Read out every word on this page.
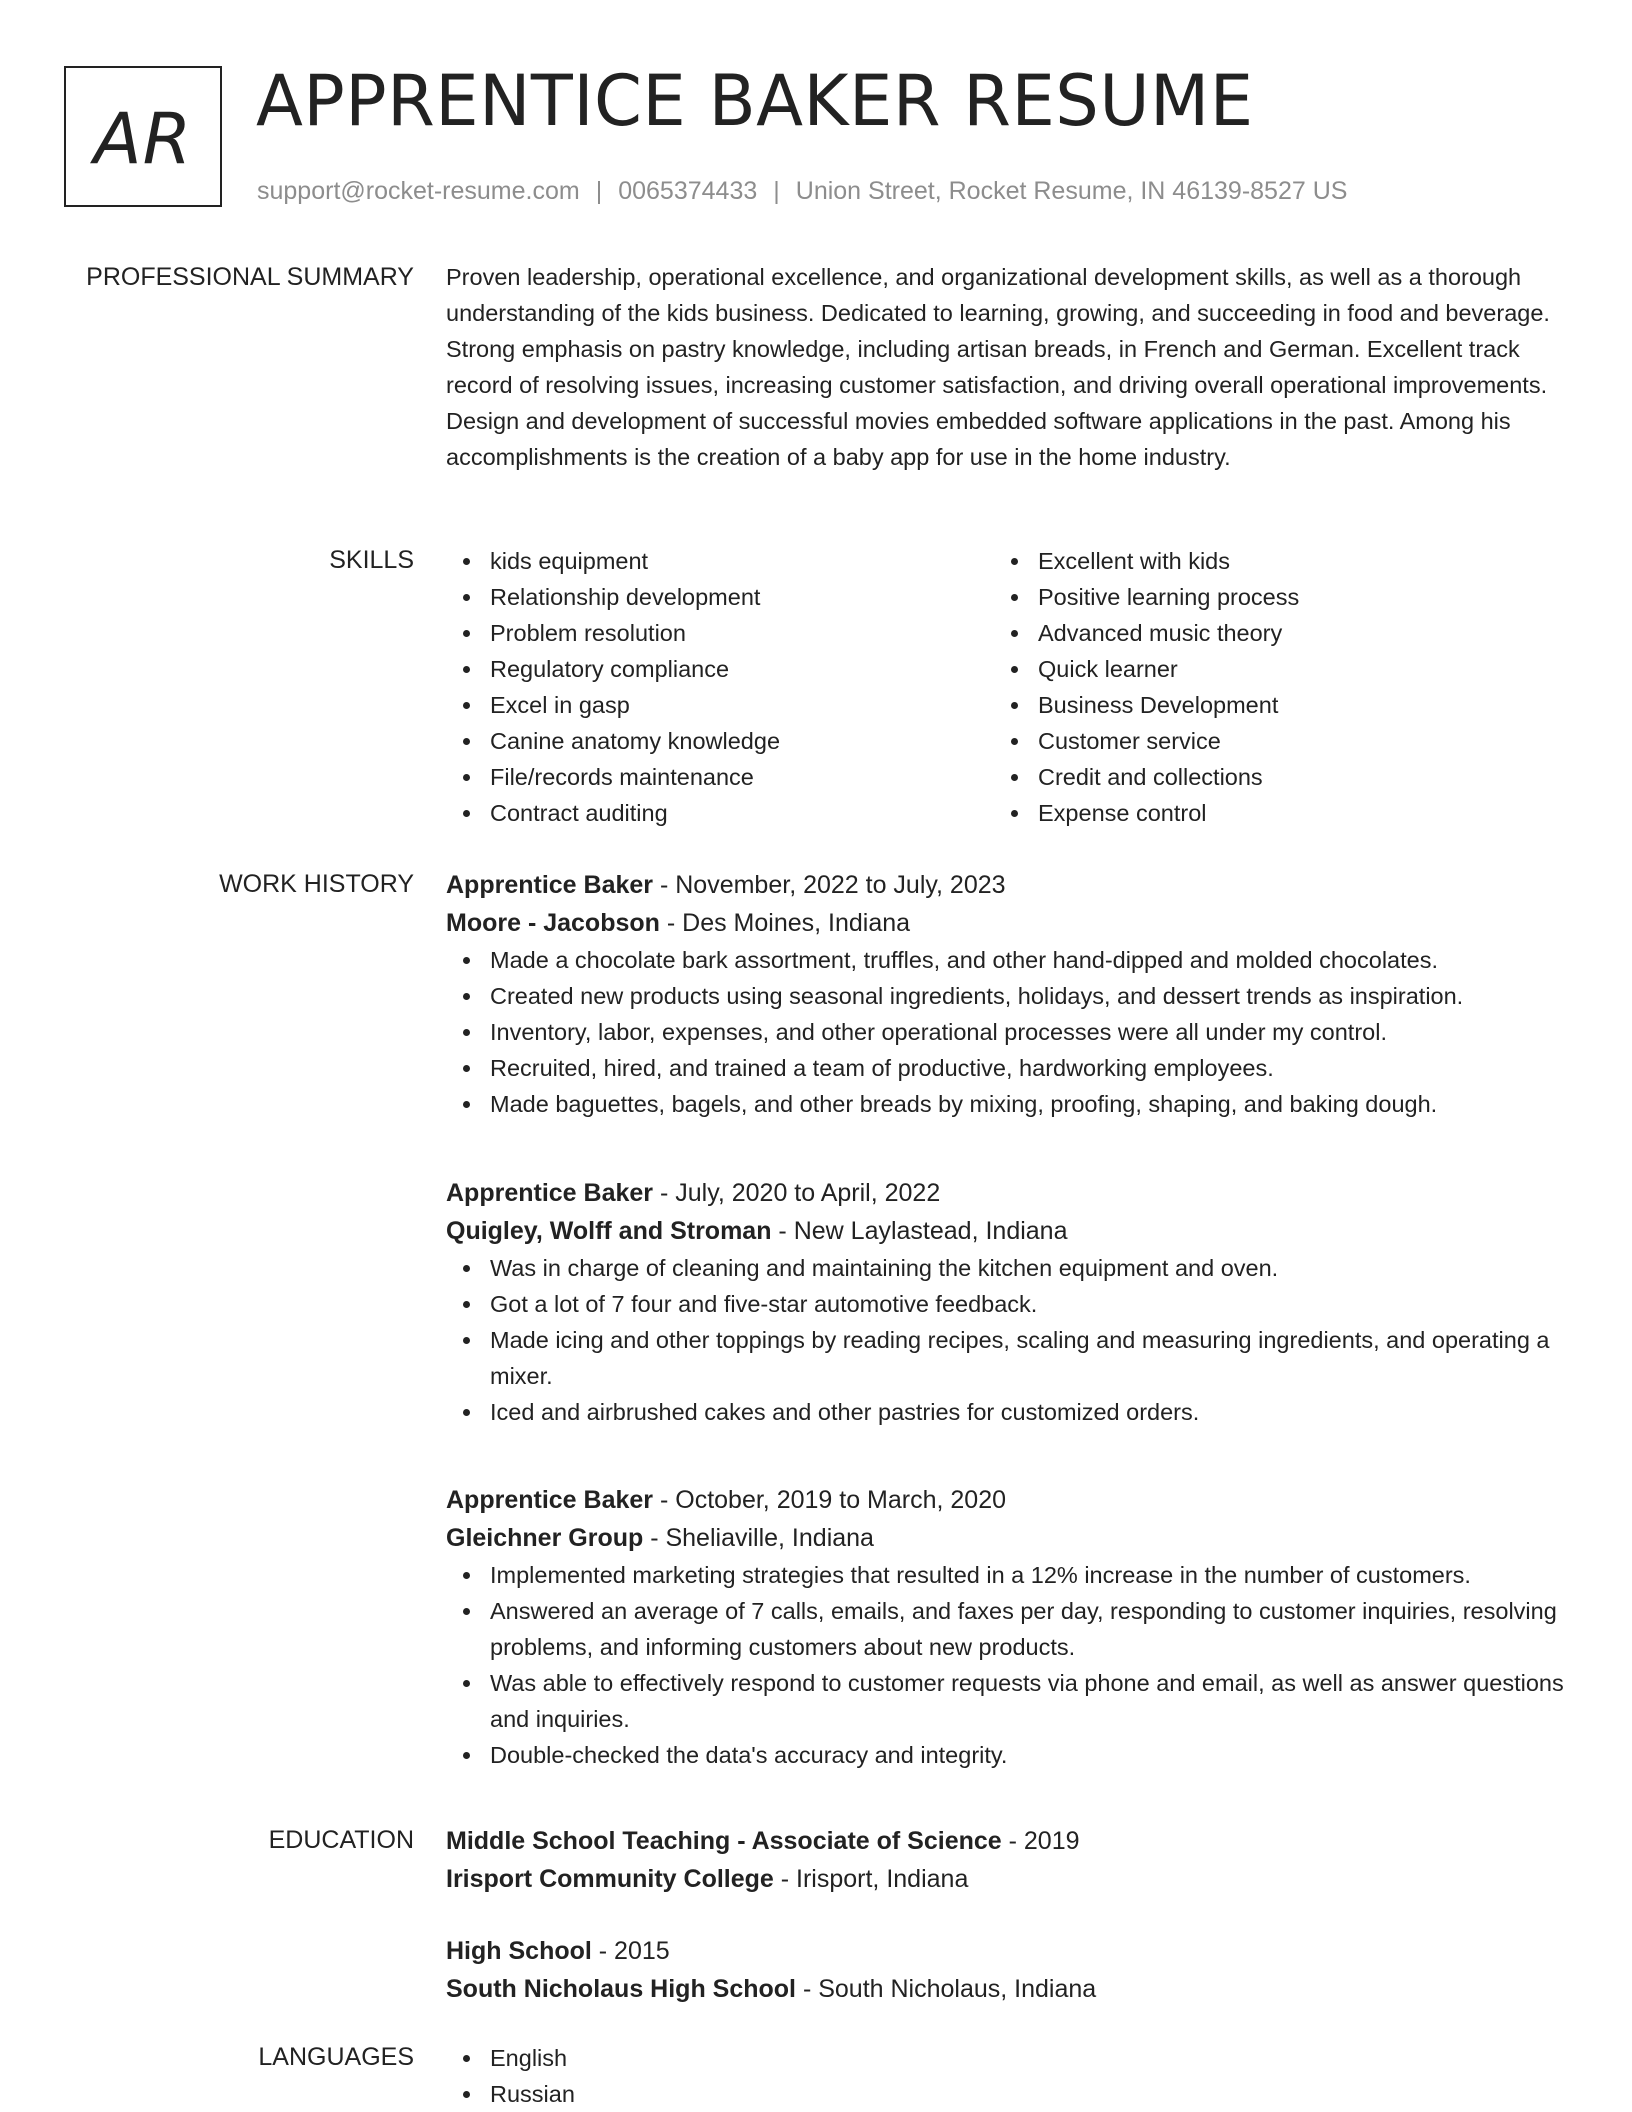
AR APPRENTICE BAKER RESUME
support@rocket-resume.com | 0065374433 | Union Street, Rocket Resume, IN 46139-8527 US
PROFESSIONAL SUMMARY Proven leadership, operational excellence, and organizational development skills, as well as a thorough understanding of the kids business. Dedicated to learning, growing, and succeeding in food and beverage. Strong emphasis on pastry knowledge, including artisan breads, in French and German. Excellent track record of resolving issues, increasing customer satisfaction, and driving overall operational improvements. Design and development of successful movies embedded software applications in the past. Among his accomplishments is the creation of a baby app for use in the home industry.

SKILLS	kids equipment
Relationship development
Problem resolution
Regulatory compliance
Excel in gasp
Canine anatomy knowledge
File/records maintenance
Contract auditing
Excellent with kids
Positive learning process
Advanced music theory
Quick learner
Business Development
Customer service
Credit and collections
Expense control
WORK HISTORY Apprentice Baker - November, 2022 to July, 2023
Moore - Jacobson - Des Moines, Indiana
Made a chocolate bark assortment, truffles, and other hand-dipped and molded chocolates.
Created new products using seasonal ingredients, holidays, and dessert trends as inspiration.
Inventory, labor, expenses, and other operational processes were all under my control.
Recruited, hired, and trained a team of productive, hardworking employees.
Made baguettes, bagels, and other breads by mixing, proofing, shaping, and baking dough.
Apprentice Baker - July, 2020 to April, 2022
Quigley, Wolff and Stroman - New Laylastead, Indiana
Was in charge of cleaning and maintaining the kitchen equipment and oven.
Got a lot of 7 four and five-star automotive feedback.
Made icing and other toppings by reading recipes, scaling and measuring ingredients, and operating a mixer.
Iced and airbrushed cakes and other pastries for customized orders.
Apprentice Baker - October, 2019 to March, 2020
Gleichner Group - Sheliaville, Indiana
Implemented marketing strategies that resulted in a 12% increase in the number of customers.
Answered an average of 7 calls, emails, and faxes per day, responding to customer inquiries, resolving problems, and informing customers about new products.
Was able to effectively respond to customer requests via phone and email, as well as answer questions and inquiries.
Double-checked the data's accuracy and integrity.
EDUCATION Middle School Teaching - Associate of Science - 2019
Irisport Community College - Irisport, Indiana
High School - 2015
South Nicholaus High School - South Nicholaus, Indiana
LANGUAGES	English
Russian
